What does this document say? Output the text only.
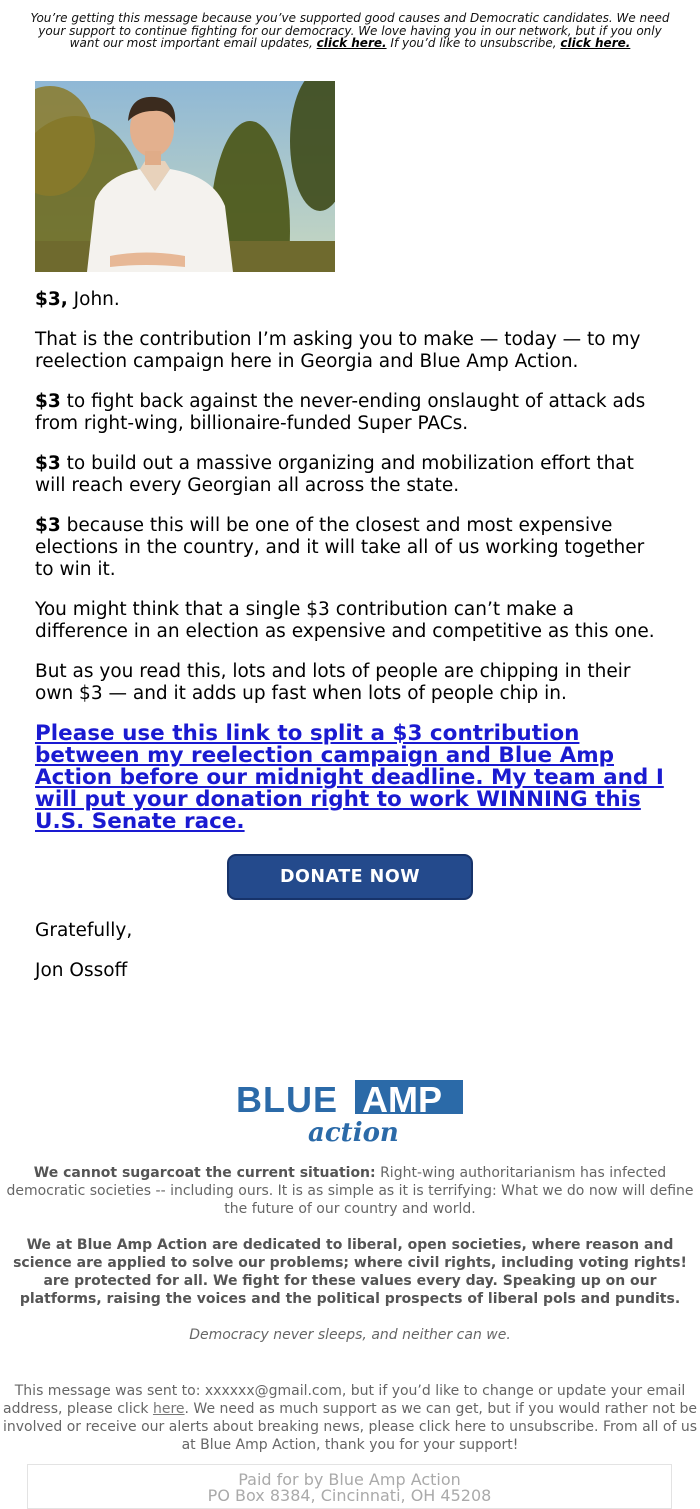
You’re getting this message because you’ve supported good causes and Democratic candidates. We need your support to continue fighting for our democracy. We love having you in our network, but if you only want our most important email updates, click here. If you’d like to unsubscribe, click here.

$3, John.

That is the contribution I’m asking you to make — today — to my reelection campaign here in Georgia and Blue Amp Action.

$3 to fight back against the never-ending onslaught of attack ads from right-wing, billionaire-funded Super PACs.

$3 to build out a massive organizing and mobilization effort that will reach every Georgian all across the state.

$3 because this will be one of the closest and most expensive elections in the country, and it will take all of us working together to win it.

You might think that a single $3 contribution can’t make a difference in an election as expensive and competitive as this one.

But as you read this, lots and lots of people are chipping in their own $3 — and it adds up fast when lots of people chip in.

Please use this link to split a $3 contribution between my reelection campaign and Blue Amp Action before our midnight deadline. My team and I will put your donation right to work WINNING this U.S. Senate race.
DONATE NOW

Gratefully,

Jon Ossoff

BLUE AMP
action
We cannot sugarcoat the current situation: Right-wing authoritarianism has infected democratic societies -- including ours. It is as simple as it is terrifying: What we do now will define the future of our country and world.
We at Blue Amp Action are dedicated to liberal, open societies, where reason and science are applied to solve our problems; where civil rights, including voting rights! are protected for all. We fight for these values every day. Speaking up on our platforms, raising the voices and the political prospects of liberal pols and pundits.
Democracy never sleeps, and neither can we.
This message was sent to: xxxxxx@gmail.com, but if you’d like to change or update your email address, please click here. We need as much support as we can get, but if you would rather not be involved or receive our alerts about breaking news, please click here to unsubscribe. From all of us at Blue Amp Action, thank you for your support!
Paid for by Blue Amp Action
PO Box 8384, Cincinnati, OH 45208
